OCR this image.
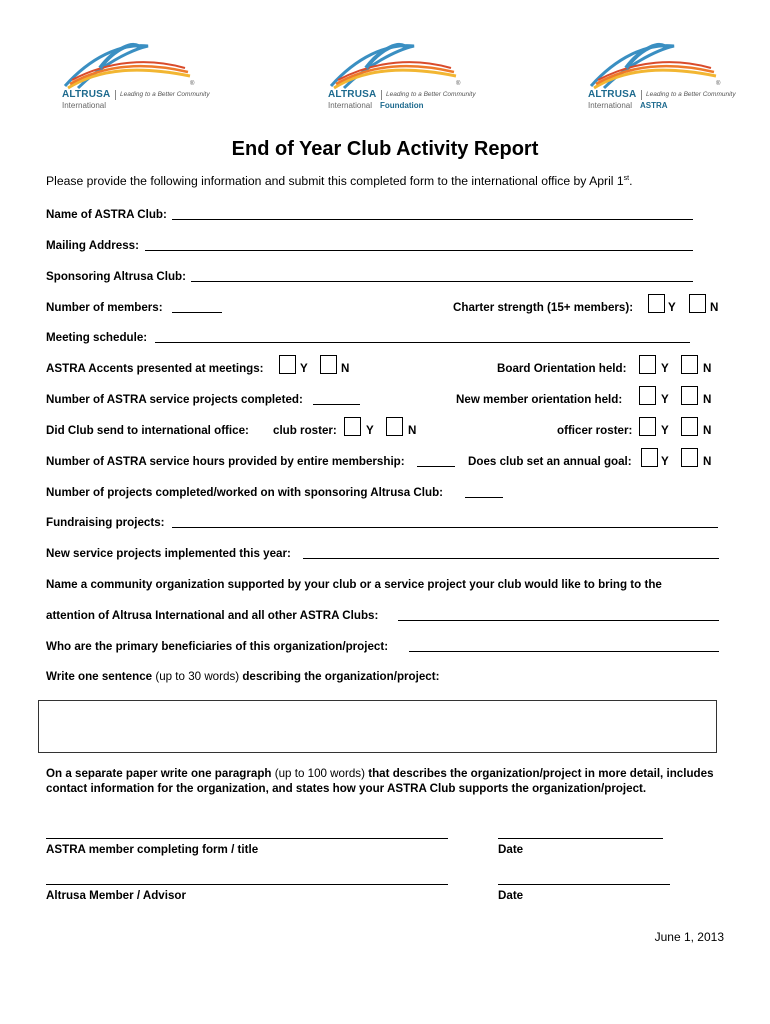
ALTRUSA Leading to a Better Community
International
®
ALTRUSA Leading to a Better Community
International Foundation
®
ALTRUSA Leading to a Better Community
International ASTRA
®
End of Year Club Activity Report
Please provide the following information and submit this completed form to the international office by April 1st.
Name of ASTRA Club:
Mailing Address:
Sponsoring Altrusa Club:
Number of members:	Charter strength (15+ members):	Y	N
Meeting schedule:
ASTRA Accents presented at meetings:	Y	N	Board Orientation held:	Y	N
Number of ASTRA service projects completed:	New member orientation held:	Y	N
Did Club send to international office: club roster:	Y	N	officer roster: Y	N
Number of ASTRA service hours provided by entire membership:	Does club set an annual goal:	Y	N
Number of projects completed/worked on with sponsoring Altrusa Club:
Fundraising projects:
New service projects implemented this year:
Name a community organization supported by your club or a service project your club would like to bring to the
attention of Altrusa International and all other ASTRA Clubs:
Who are the primary beneficiaries of this organization/project:
Write one sentence (up to 30 words) describing the organization/project:
On a separate paper write one paragraph (up to 100 words) that describes the organization/project in more detail, includes contact information for the organization, and states how your ASTRA Club supports the organization/project.
ASTRA member completing form / title	Date
Altrusa Member / Advisor	Date
June 1, 2013
